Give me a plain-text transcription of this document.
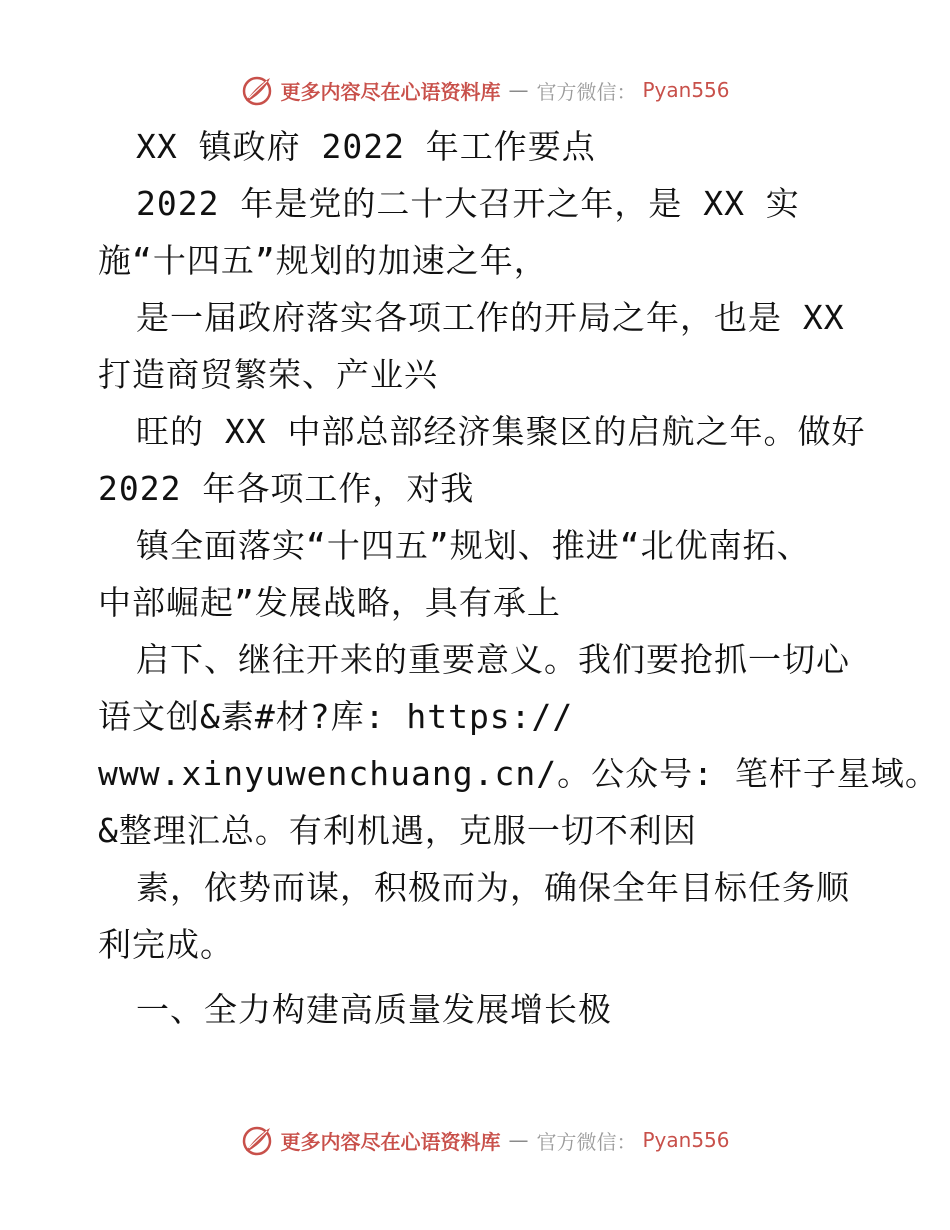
更多内容尽在心语资料库 — 官方微信： Pyan556
XX 镇政府 2022 年工作要点
2022 年是党的二十大召开之年，是 XX 实
施“十四五”规划的加速之年，
是一届政府落实各项工作的开局之年，也是 XX
打造商贸繁荣、产业兴
旺的 XX 中部总部经济集聚区的启航之年。做好
2022 年各项工作，对我
镇全面落实“十四五”规划、推进“北优南拓、
中部崛起”发展战略，具有承上
启下、继往开来的重要意义。我们要抢抓一切心
语文创&素#材?库: https://
www.xinyuwenchuang.cn/。公众号: 笔杆子星域。
&整理汇总。有利机遇，克服一切不利因
素，依势而谋，积极而为，确保全年目标任务顺
利完成。
一、全力构建高质量发展增长极
更多内容尽在心语资料库 — 官方微信： Pyan556
